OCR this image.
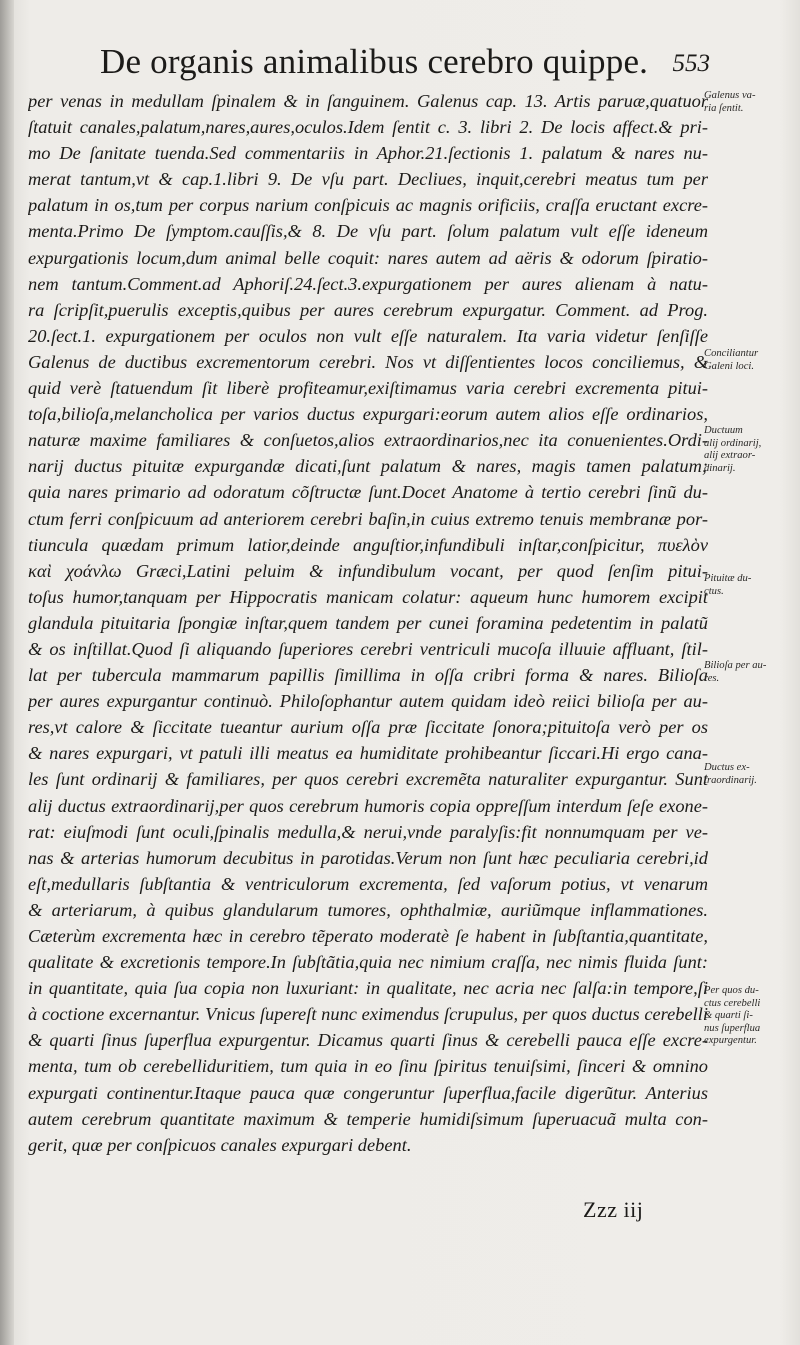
De organis animalibus cerebro quippe. 553
per venas in medullam ſpinalem & in ſanguinem. Galenus cap. 13. Artis paruæ,quatuor
ſtatuit canales,palatum,nares,aures,oculos.Idem ſentit c. 3. libri 2. De locis affect.& pri-
mo De ſanitate tuenda.Sed commentariis in Aphor.21.ſectionis 1. palatum & nares nu-
merat tantum,vt & cap.1.libri 9. De vſu part. Decliues, inquit,cerebri meatus tum per
palatum in os,tum per corpus narium conſpicuis ac magnis orificiis, craſſa eructant excre-
menta.Primo De ſymptom.cauſſis,& 8. De vſu part. ſolum palatum vult eſſe ideneum
expurgationis locum,dum animal belle coquit: nares autem ad aëris & odorum ſpiratio-
nem tantum.Comment.ad Aphoriſ.24.ſect.3.expurgationem per aures alienam à natu-
ra ſcripſit,puerulis exceptis,quibus per aures cerebrum expurgatur. Comment. ad Prog.
20.ſect.1. expurgationem per oculos non vult eſſe naturalem. Ita varia videtur ſenſiſſe
Galenus de ductibus excrementorum cerebri. Nos vt diſſentientes locos conciliemus, &
quid verè ſtatuendum ſit liberè profiteamur,exiſtimamus varia cerebri excrementa pitui-
toſa,bilioſa,melancholica per varios ductus expurgari:eorum autem alios eſſe ordinarios,
naturæ maxime familiares & conſuetos,alios extraordinarios,nec ita conuenientes.Ordi-
narij ductus pituitæ expurgandæ dicati,ſunt palatum & nares, magis tamen palatum;
quia nares primario ad odoratum cõſtructæ ſunt.Docet Anatome à tertio cerebri ſinũ du-
ctum ferri conſpicuum ad anteriorem cerebri baſin,in cuius extremo tenuis membranæ por-
tiuncula quædam primum latior,deinde anguſtior,infundibuli inſtar,conſpicitur, πυελὸν
καὶ χοάνλω Græci,Latini peluim & infundibulum vocant, per quod ſenſim pitui-
toſus humor,tanquam per Hippocratis manicam colatur: aqueum hunc humorem excipit
glandula pituitaria ſpongiæ inſtar,quem tandem per cunei foramina pedetentim in palatũ
& os inſtillat.Quod ſi aliquando ſuperiores cerebri ventriculi mucoſa illuuie affluant, ſtil-
lat per tubercula mammarum papillis ſimillima in oſſa cribri forma & nares. Bilioſa
per aures expurgantur continuò. Philoſophantur autem quidam ideò reiici bilioſa per au-
res,vt calore & ſiccitate tueantur aurium oſſa præ ſiccitate ſonora;pituitoſa verò per os
& nares expurgari, vt patuli illi meatus ea humiditate prohibeantur ſiccari.Hi ergo cana-
les ſunt ordinarij & familiares, per quos cerebri excremẽta naturaliter expurgantur. Sunt
alij ductus extraordinarij,per quos cerebrum humoris copia oppreſſum interdum ſeſe exone-
rat: eiuſmodi ſunt oculi,ſpinalis medulla,& nerui,vnde paralyſis:fit nonnumquam per ve-
nas & arterias humorum decubitus in parotidas.Verum non ſunt hæc peculiaria cerebri,id
eſt,medullaris ſubſtantia & ventriculorum excrementa, ſed vaſorum potius, vt venarum
& arteriarum, à quibus glandularum tumores, ophthalmiæ, auriũmque inflammationes.
Cæterùm excrementa hæc in cerebro tẽperato moderatè ſe habent in ſubſtantia,quantitate,
qualitate & excretionis tempore.In ſubſtãtia,quia nec nimium craſſa, nec nimis fluida ſunt:
in quantitate, quia ſua copia non luxuriant: in qualitate, nec acria nec ſalſa:in tempore,ſi
à coctione excernantur. Vnicus ſupereſt nunc eximendus ſcrupulus, per quos ductus cerebelli
& quarti ſinus ſuperflua expurgentur. Dicamus quarti ſinus & cerebelli pauca eſſe excre-
menta, tum ob cerebelliduritiem, tum quia in eo ſinu ſpiritus tenuiſsimi, ſinceri & omnino
expurgati continentur.Itaque pauca quæ congeruntur ſuperflua,facile digerũtur. Anterius
autem cerebrum quantitate maximum & temperie humidiſsimum ſuperuacuã multa con-
gerit, quæ per conſpicuos canales expurgari debent.
Galenus va-
ria ſentit.
Conciliantur
Galeni loci.
Ductuum
alij ordinarij,
alij extraor-
dinarij.
Pituitæ du-
ctus.
Bilioſa per au-
res.
Ductus ex-
traordinarij.
Per quos du-
ctus cerebelli
& quarti ſi-
nus ſuperflua
expurgentur.
Zzz iij
